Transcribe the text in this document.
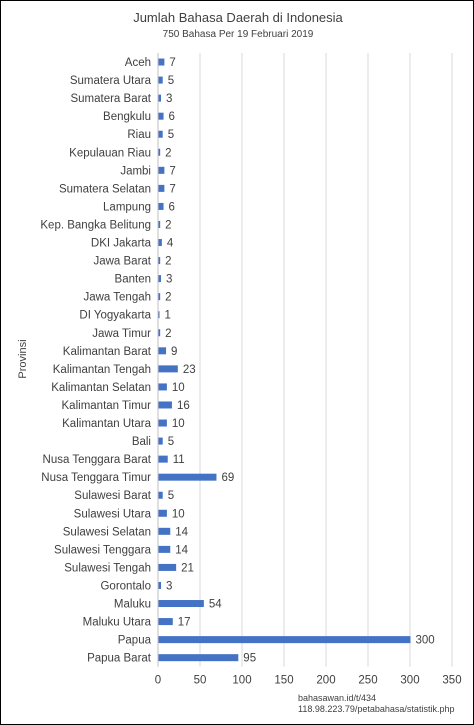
Jumlah Bahasa Daerah di Indonesia
750 Bahasa Per 19 Februari 2019
Provinsi
0	50 100 150 200 250 300 350
Aceh 7
Sumatera Utara 5
Sumatera Barat 3
Bengkulu 6
Riau 5
Kepulauan Riau 2
Jambi 7
Sumatera Selatan 7
Lampung 6
Kep. Bangka Belitung 2
DKI Jakarta 4
Jawa Barat 2
Banten 3
Jawa Tengah 2
DI Yogyakarta 1
Jawa Timur 2
Kalimantan Barat 9
Kalimantan Tengah	23
Kalimantan Selatan 10
Kalimantan Timur 16
Kalimantan Utara 10
Bali 5
Nusa Tenggara Barat 11
Nusa Tenggara Timur	69
Sulawesi Barat 5
Sulawesi Utara 10
Sulawesi Selatan 14
Sulawesi Tenggara 14
Sulawesi Tengah	21
Gorontalo 3
Maluku	54
Maluku Utara 17
Papua	300
Papua Barat	95
bahasawan.id/t/434
118.98.223.79/petabahasa/statistik.php
